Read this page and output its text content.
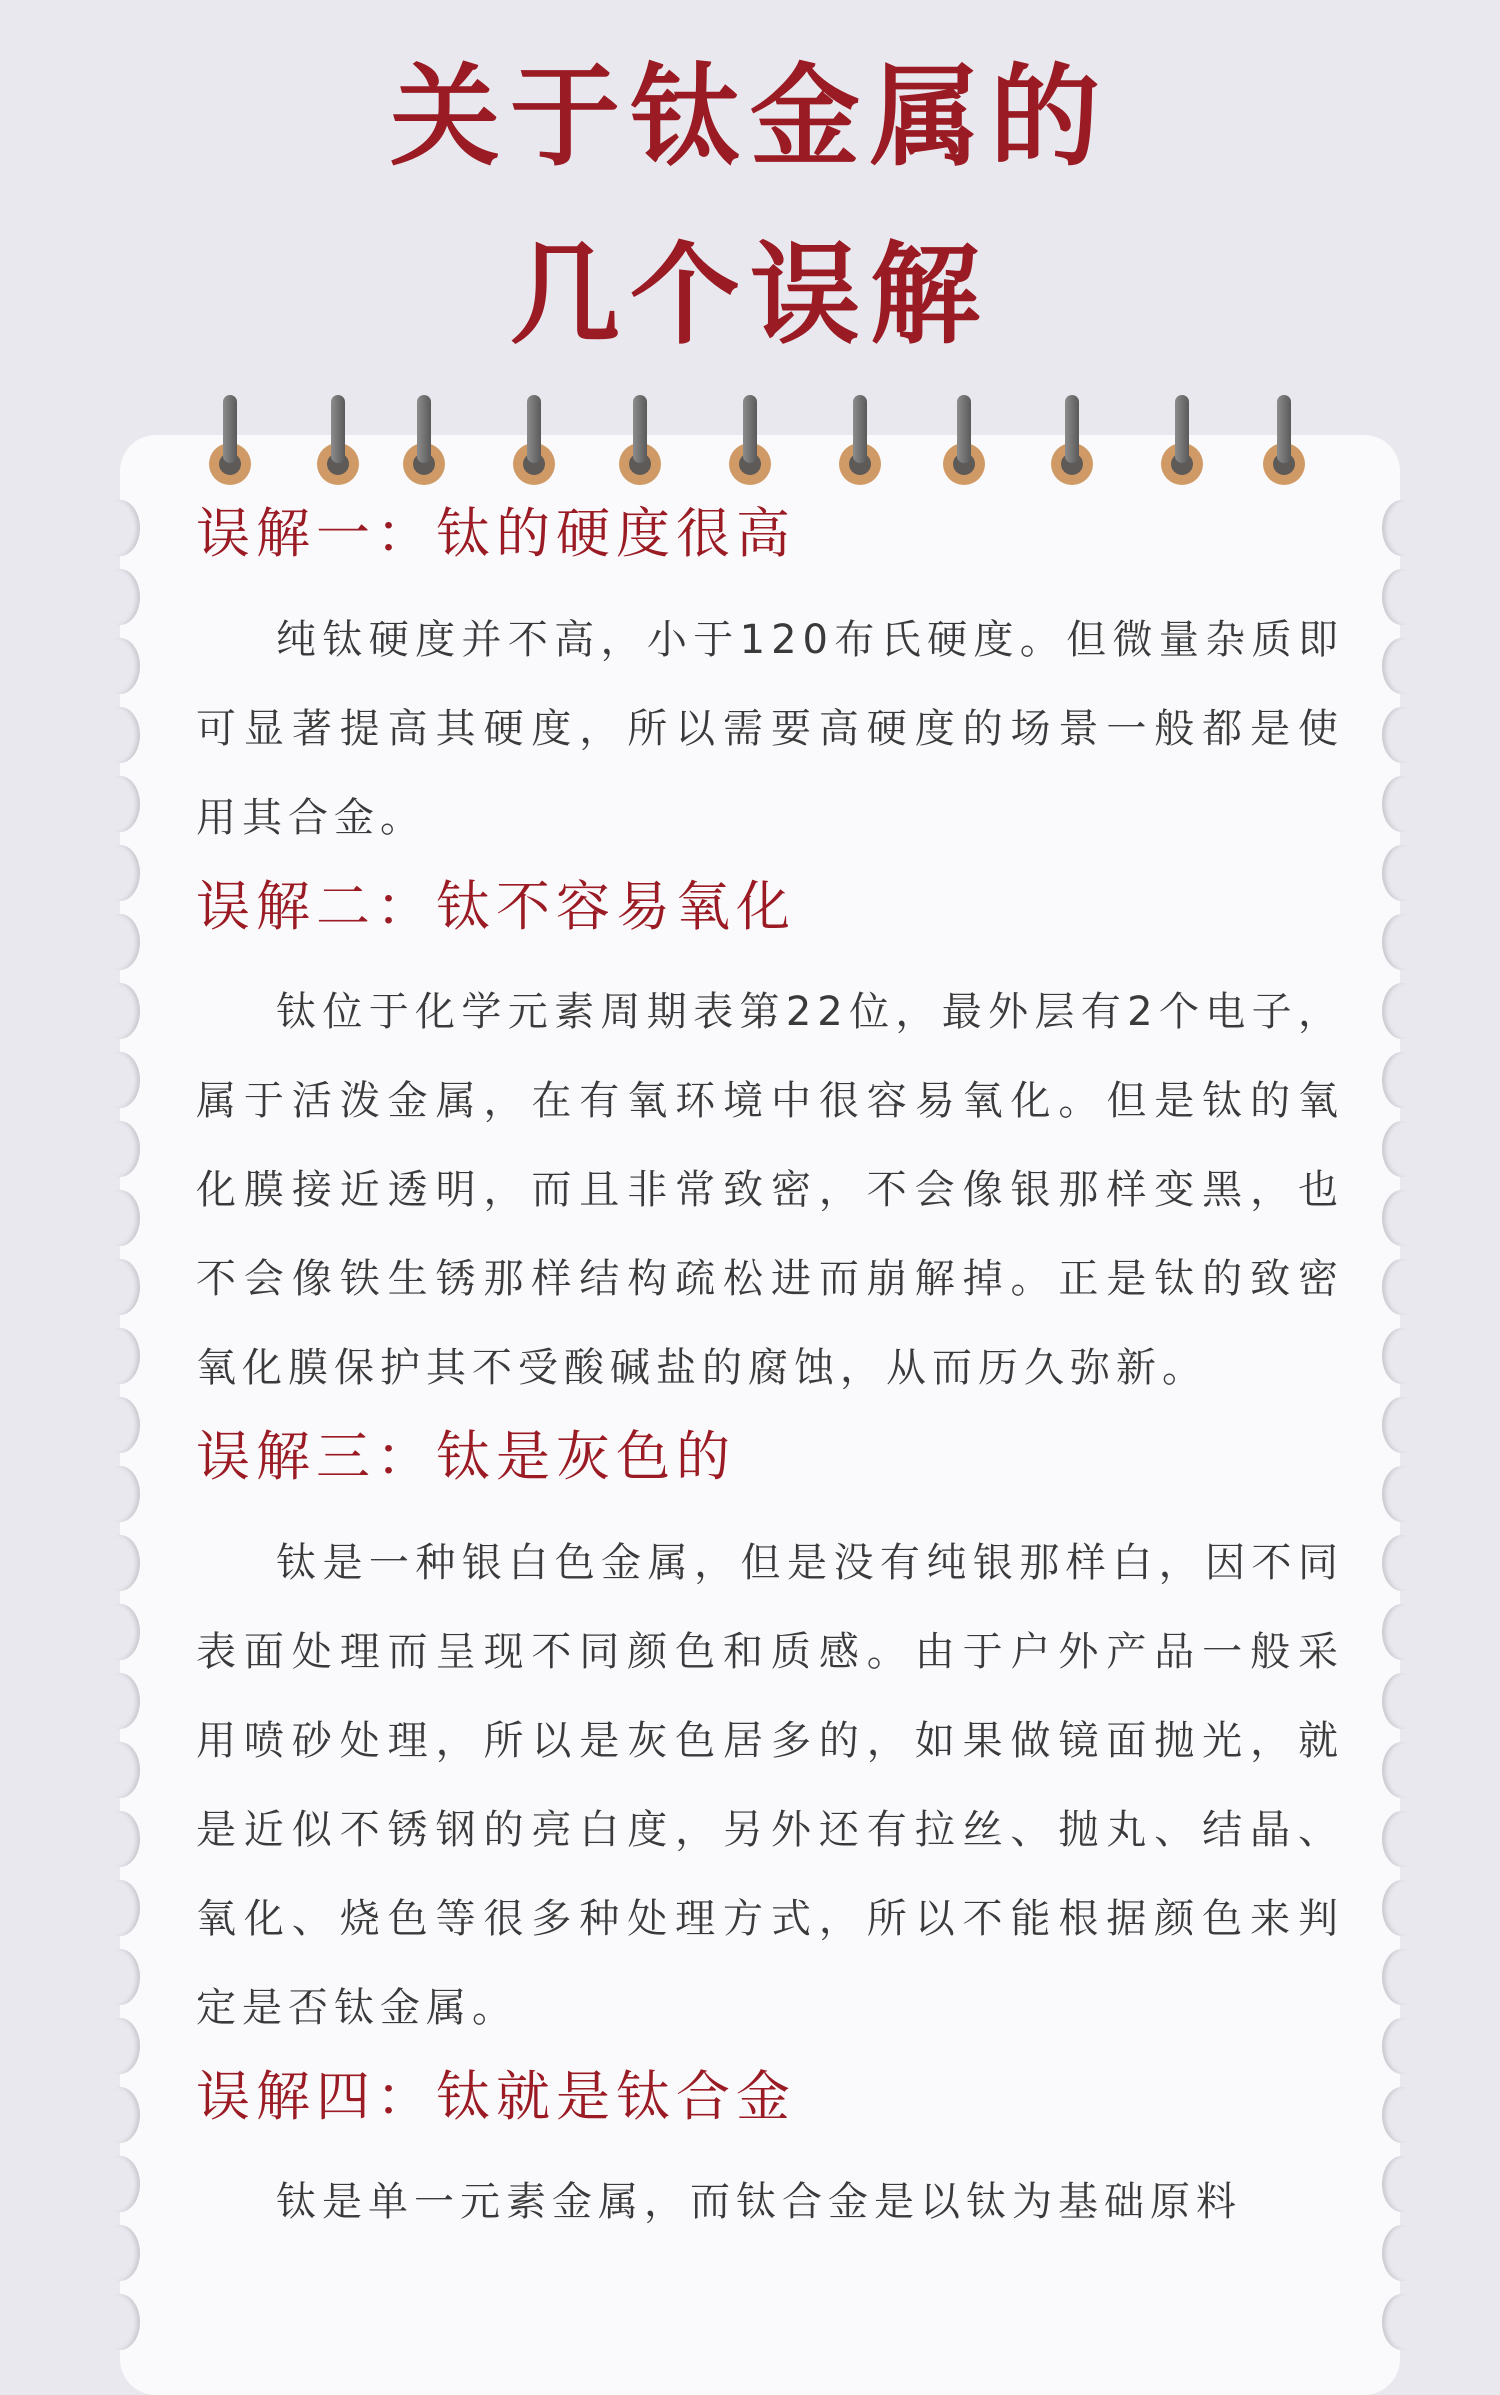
关于钛金属的
几个误解
误解一：钛的硬度很高

纯钛硬度并不高，小于120布氏硬度。但微量杂质即可显著提高其硬度，所以需要高硬度的场景一般都是使用其合金。

误解二：钛不容易氧化

钛位于化学元素周期表第22位，最外层有2个电子，属于活泼金属，在有氧环境中很容易氧化。但是钛的氧化膜接近透明，而且非常致密，不会像银那样变黑，也不会像铁生锈那样结构疏松进而崩解掉。正是钛的致密氧化膜保护其不受酸碱盐的腐蚀，从而历久弥新。

误解三：钛是灰色的

钛是一种银白色金属，但是没有纯银那样白，因不同表面处理而呈现不同颜色和质感。由于户外产品一般采用喷砂处理，所以是灰色居多的，如果做镜面抛光，就是近似不锈钢的亮白度，另外还有拉丝、抛丸、结晶、氧化、烧色等很多种处理方式，所以不能根据颜色来判定是否钛金属。

误解四：钛就是钛合金

钛是单一元素金属，而钛合金是以钛为基础原料
